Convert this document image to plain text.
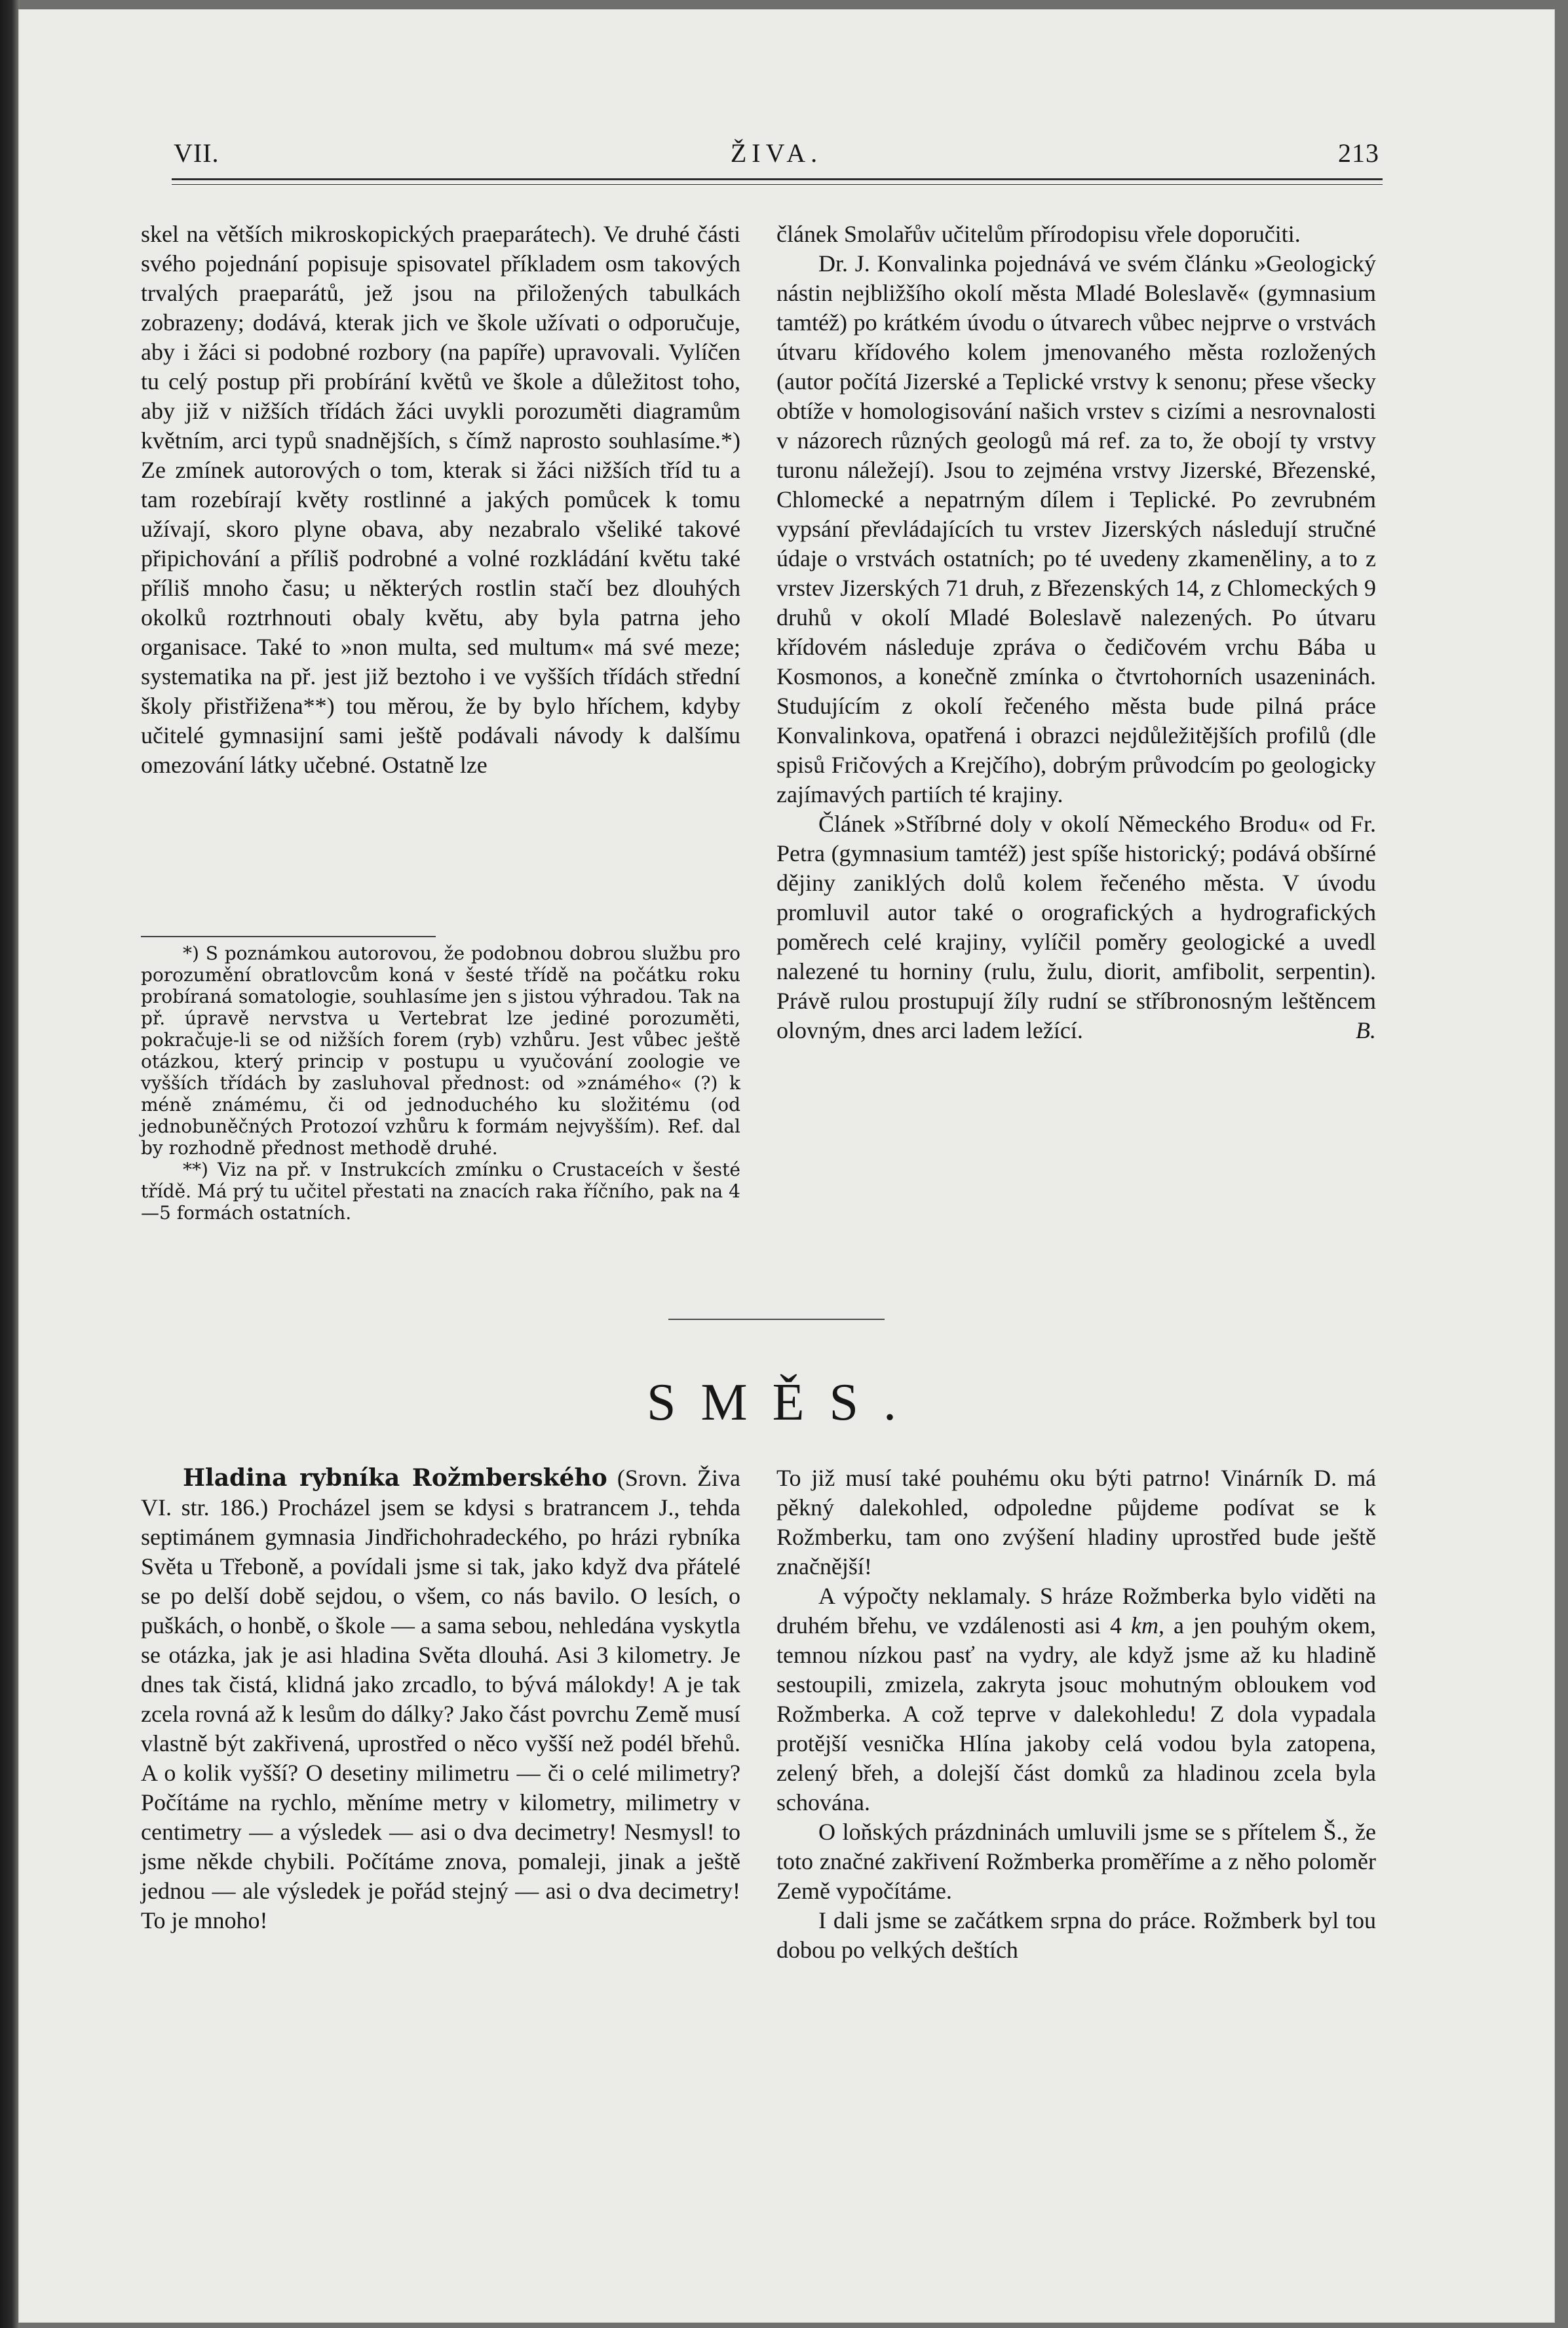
VII.	ŽIVA.	213

skel na větších mikroskopických praeparátech). Ve druhé části svého pojednání popisuje spisovatel příkladem osm takových trvalých praeparátů, jež jsou na přiložených tabulkách zobrazeny; dodává, kterak jich ve škole užívati o odporučuje, aby i žáci si podobné rozbory (na papíře) upravovali. Vylíčen tu celý postup při probírání květů ve škole a důležitost toho, aby již v nižších třídách žáci uvykli porozuměti diagramům květním, arci typů snadnějších, s čímž naprosto souhlasíme.*) Ze zmínek autorových o tom, kterak si žáci nižších tříd tu a tam rozebírají květy rostlinné a jakých pomůcek k tomu užívají, skoro plyne obava, aby nezabralo všeliké takové připichování a příliš podrobné a volné rozkládání květu také příliš mnoho času; u některých rostlin stačí bez dlouhých okolků roztrhnouti obaly květu, aby byla patrna jeho organisace. Také to »non multa, sed multum« má své meze; systematika na př. jest již beztoho i ve vyšších třídách střední školy přistřižena**) tou měrou, že by bylo hříchem, kdyby učitelé gymnasijní sami ještě podávali návody k dalšímu omezování látky učebné. Ostatně lze

*) S poznámkou autorovou, že podobnou dobrou službu pro porozumění obratlovcům koná v šesté třídě na počátku roku probíraná somatologie, souhlasíme jen s jistou výhradou. Tak na př. úpravě nervstva u Vertebrat lze jediné porozuměti, pokračuje-li se od nižších forem (ryb) vzhůru. Jest vůbec ještě otázkou, který princip v postupu u vyučování zoologie ve vyšších třídách by zasluhoval přednost: od »známého« (?) k méně známému, či od jednoduchého ku složitému (od jednobuněčných Protozoí vzhůru k formám nejvyšším). Ref. dal by rozhodně přednost methodě druhé.

**) Viz na př. v Instrukcích zmínku o Crustaceích v šesté třídě. Má prý tu učitel přestati na znacích raka říčního, pak na 4—5 formách ostatních.

článek Smolařův učitelům přírodopisu vřele doporučiti.

Dr. J. Konvalinka pojednává ve svém článku »Geologický nástin nejbližšího okolí města Mladé Boleslavě« (gymnasium tamtéž) po krátkém úvodu o útvarech vůbec nejprve o vrstvách útvaru křídového kolem jmenovaného města rozložených (autor počítá Jizerské a Teplické vrstvy k senonu; přese všecky obtíže v homologisování našich vrstev s cizími a nesrovnalosti v názorech různých geologů má ref. za to, že obojí ty vrstvy turonu náležejí). Jsou to zejména vrstvy Jizerské, Březenské, Chlomecké a nepatrným dílem i Teplické. Po zevrubném vypsání převládajících tu vrstev Jizerských následují stručné údaje o vrstvách ostatních; po té uvedeny zkameněliny, a to z vrstev Jizerských 71 druh, z Březenských 14, z Chlomeckých 9 druhů v okolí Mladé Boleslavě nalezených. Po útvaru křídovém následuje zpráva o čedičovém vrchu Bába u Kosmonos, a konečně zmínka o čtvrtohorních usazeninách. Studujícím z okolí řečeného města bude pilná práce Konvalinkova, opatřená i obrazci nejdůležitějších profilů (dle spisů Fričových a Krejčího), dobrým průvodcím po geologicky zajímavých partiích té krajiny.

Článek »Stříbrné doly v okolí Německého Brodu« od Fr. Petra (gymnasium tamtéž) jest spíše historický; podává obšírné dějiny zaniklých dolů kolem řečeného města. V úvodu promluvil autor také o orografických a hydrografických poměrech celé krajiny, vylíčil poměry geologické a uvedl nalezené tu horniny (rulu, žulu, diorit, amfibolit, serpentin). Právě rulou prostupují žíly rudní se stříbronosným leštěncem olovným, dnes arci ladem ležící.	B.

SMĚS.

Hladina rybníka Rožmberského (Srovn. Živa VI. str. 186.) Procházel jsem se kdysi s bratrancem J., tehda septimánem gymnasia Jindřichohradeckého, po hrázi rybníka Světa u Třeboně, a povídali jsme si tak, jako když dva přátelé se po delší době sejdou, o všem, co nás bavilo. O lesích, o puškách, o honbě, o škole — a sama sebou, nehledána vyskytla se otázka, jak je asi hladina Světa dlouhá. Asi 3 kilometry. Je dnes tak čistá, klidná jako zrcadlo, to bývá málokdy! A je tak zcela rovná až k lesům do dálky? Jako část povrchu Země musí vlastně být zakřivená, uprostřed o něco vyšší než podél břehů. A o kolik vyšší? O desetiny milimetru — či o celé milimetry? Počítáme na rychlo, měníme metry v kilometry, milimetry v centimetry — a výsledek — asi o dva decimetry! Nesmysl! to jsme někde chybili. Počítáme znova, pomaleji, jinak a ještě jednou — ale výsledek je pořád stejný — asi o dva decimetry! To je mnoho!

To již musí také pouhému oku býti patrno! Vinárník D. má pěkný dalekohled, odpoledne půjdeme podívat se k Rožmberku, tam ono zvýšení hladiny uprostřed bude ještě značnější!

A výpočty neklamaly. S hráze Rožmberka bylo viděti na druhém břehu, ve vzdálenosti asi 4 km, a jen pouhým okem, temnou nízkou pasť na vydry, ale když jsme až ku hladině sestoupili, zmizela, zakryta jsouc mohutným obloukem vod Rožmberka. A což teprve v dalekohledu! Z dola vypadala protější vesnička Hlína jakoby celá vodou byla zatopena, zelený břeh, a dolejší část domků za hladinou zcela byla schována.

O loňských prázdninách umluvili jsme se s přítelem Š., že toto značné zakřivení Rožmberka proměříme a z něho poloměr Země vypočítáme.

I dali jsme se začátkem srpna do práce. Rožmberk byl tou dobou po velkých deštích
